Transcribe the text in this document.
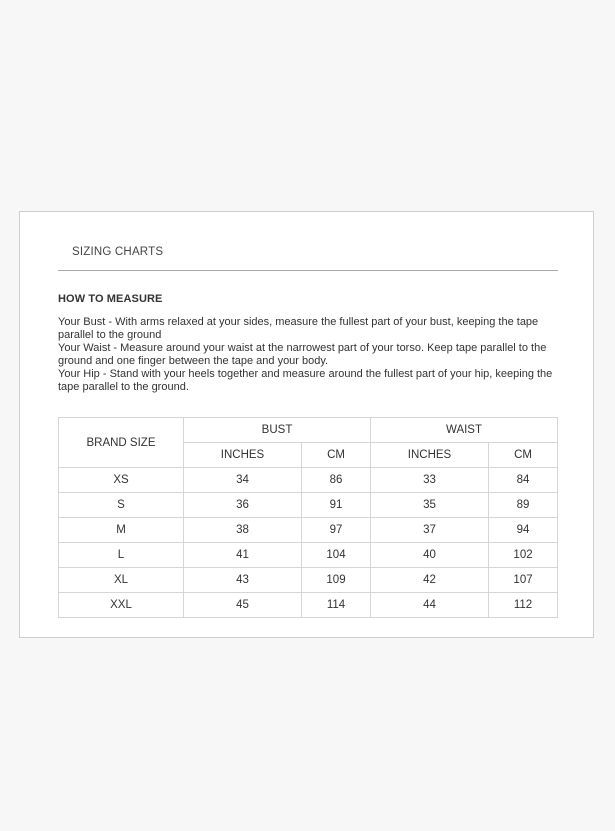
SIZING CHARTS
HOW TO MEASURE

Your Bust - With arms relaxed at your sides, measure the fullest part of your bust, keeping the tape parallel to the ground

Your Waist - Measure around your waist at the narrowest part of your torso. Keep tape parallel to the ground and one finger between the tape and your body.

Your Hip - Stand with your heels together and measure around the fullest part of your hip, keeping the tape parallel to the ground.

BRAND SIZE	BUST		WAIST	
	INCHES	CM	INCHES	CM
XS	34	86	33	84
S	36	91	35	89
M	38	97	37	94
L	41	104	40	102
XL	43	109	42	107
XXL	45	114	44	112
